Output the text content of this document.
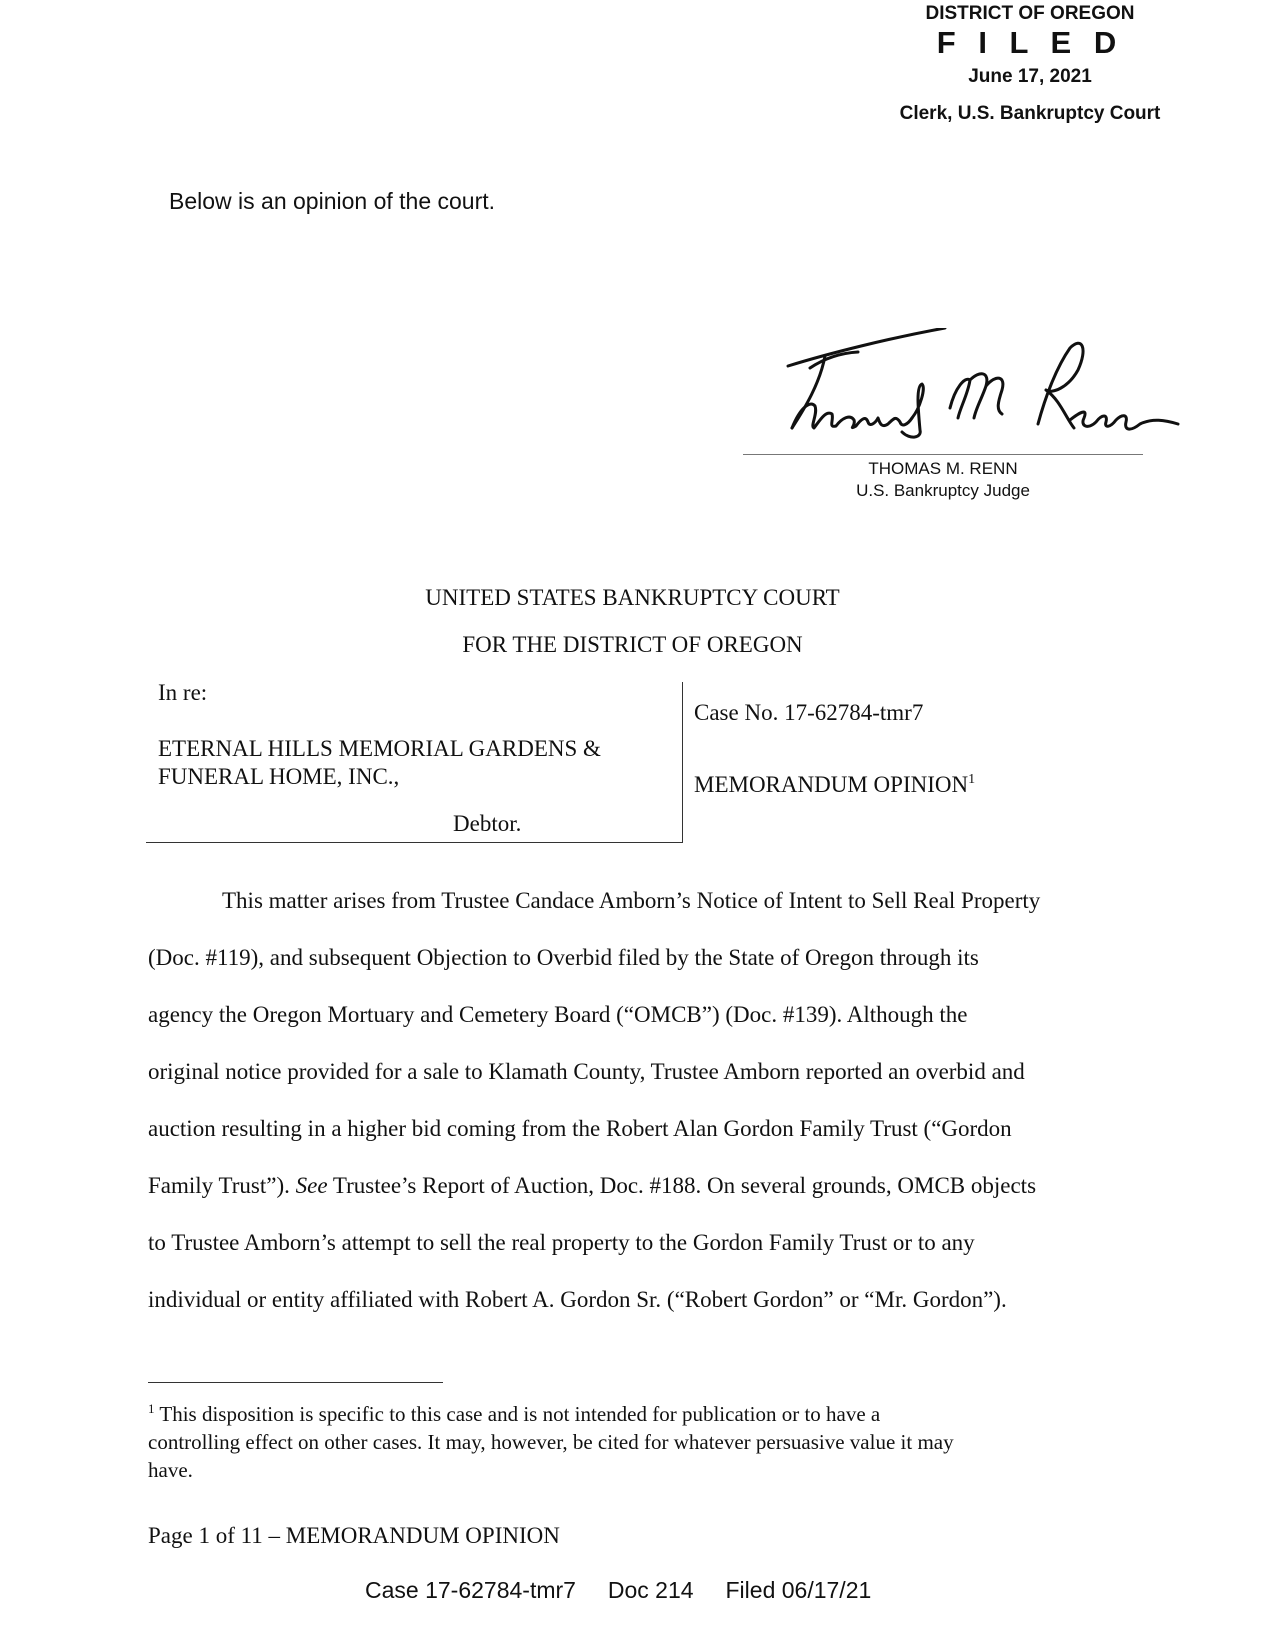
DISTRICT OF OREGON
F I L E D
June 17, 2021
Clerk, U.S. Bankruptcy Court
Below is an opinion of the court.
THOMAS M. RENN
U.S. Bankruptcy Judge
UNITED STATES BANKRUPTCY COURT
FOR THE DISTRICT OF OREGON
In re:
ETERNAL HILLS MEMORIAL GARDENS &
FUNERAL HOME, INC.,
Debtor.
Case No. 17-62784-tmr7
MEMORANDUM OPINION$^1$
This matter arises from Trustee Candace Amborn’s Notice of Intent to Sell Real Property
(Doc. #119), and subsequent Objection to Overbid filed by the State of Oregon through its
agency the Oregon Mortuary and Cemetery Board (“OMCB”) (Doc. #139). Although the
original notice provided for a sale to Klamath County, Trustee Amborn reported an overbid and
auction resulting in a higher bid coming from the Robert Alan Gordon Family Trust (“Gordon
Family Trust”). See Trustee’s Report of Auction, Doc. #188. On several grounds, OMCB objects
to Trustee Amborn’s attempt to sell the real property to the Gordon Family Trust or to any
individual or entity affiliated with Robert A. Gordon Sr. (“Robert Gordon” or “Mr. Gordon”).
$^1$ This disposition is specific to this case and is not intended for publication or to have a
controlling effect on other cases. It may, however, be cited for whatever persuasive value it may
have.
Page 1 of 11 – MEMORANDUM OPINION
Case 17-62784-tmr7     Doc 214     Filed 06/17/21
